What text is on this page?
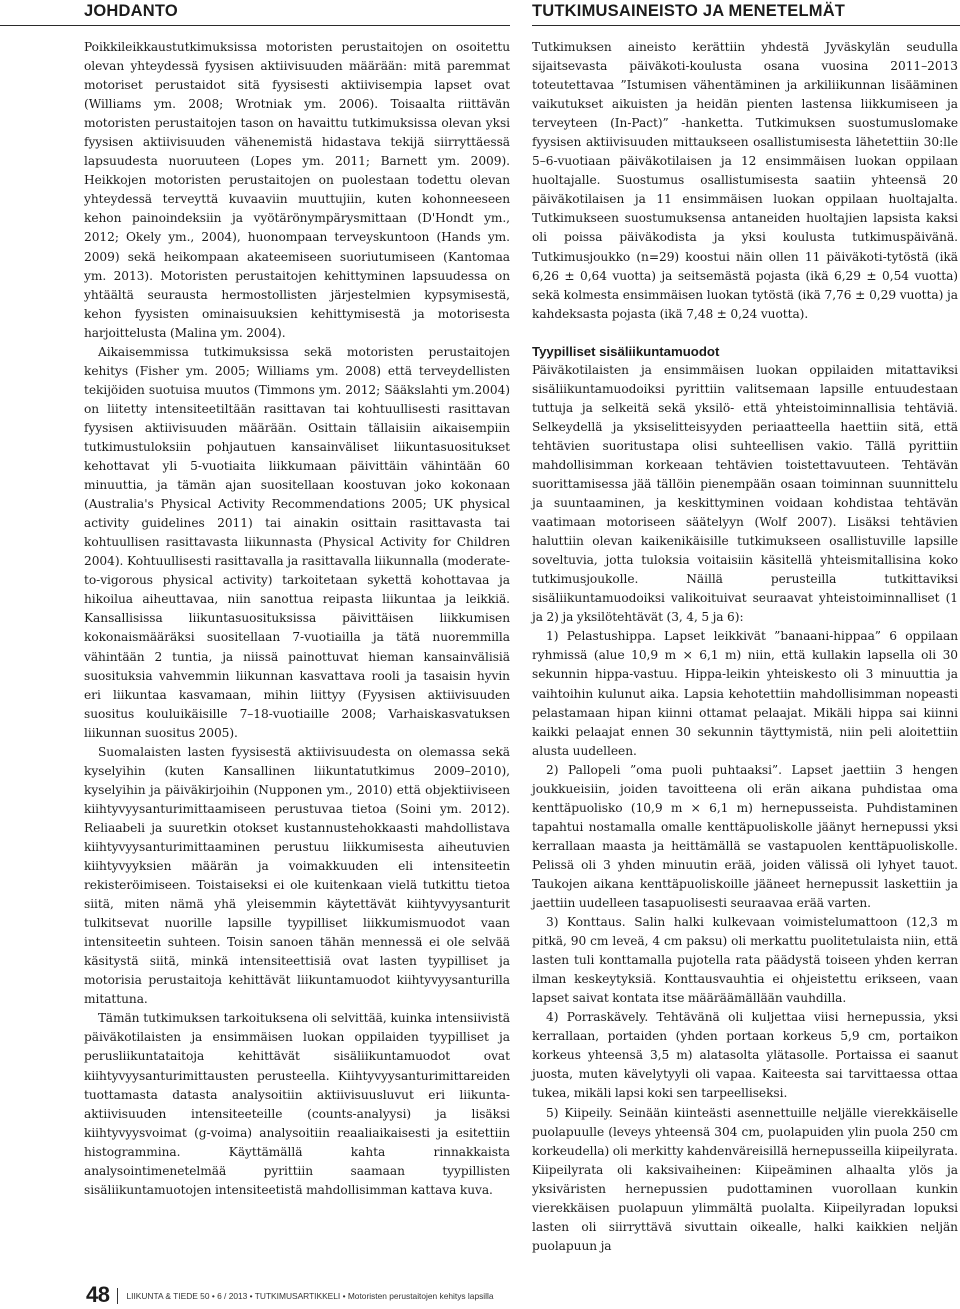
JOHDANTO

Poikkileikkaustutkimuksissa motoristen perustaitojen on osoitettu olevan yhteydessä fyysisen aktiivisuuden määrään: mitä paremmat motoriset perustaidot sitä fyysisesti aktiivisempia lapset ovat (Williams ym. 2008; Wrotniak ym. 2006). Toisaalta riittävän motoristen perustaitojen tason on havaittu tutkimuksissa olevan yksi fyysisen aktiivisuuden vähenemistä hidastava tekijä siirryttäessä lapsuudesta nuoruuteen (Lopes ym. 2011; Barnett ym. 2009). Heikkojen motoristen perustaitojen on puolestaan todettu olevan yhteydessä terveyttä kuvaaviin muuttujiin, kuten kohonneeseen kehon painoindeksiin ja vyötärönympärysmittaan (D'Hondt ym., 2012; Okely ym., 2004), huonompaan terveyskuntoon (Hands ym. 2009) sekä heikompaan akateemiseen suoriutumiseen (Kantomaa ym. 2013). Motoristen perustaitojen kehittyminen lapsuudessa on yhtäältä seurausta hermostollisten järjestelmien kypsymisestä, kehon fyysisten ominaisuuksien kehittymisestä ja motorisesta harjoittelusta (Malina ym. 2004).

Aikaisemmissa tutkimuksissa sekä motoristen perustaitojen kehitys (Fisher ym. 2005; Williams ym. 2008) että terveydellisten tekijöiden suotuisa muutos (Timmons ym. 2012; Sääkslahti ym.2004) on liitetty intensiteetiltään rasittavan tai kohtuullisesti rasittavan fyysisen aktiivisuuden määrään. Osittain tällaisiin aikaisempiin tutkimustuloksiin pohjautuen kansainväliset liikuntasuositukset kehottavat yli 5-vuotiaita liikkumaan päivittäin vähintään 60 minuuttia, ja tämän ajan suositellaan koostuvan joko kokonaan (Australia's Physical Activity Recommendations 2005; UK physical activity guidelines 2011) tai ainakin osittain rasittavasta tai kohtuullisen rasittavasta liikunnasta (Physical Activity for Children 2004). Kohtuullisesti rasittavalla ja rasittavalla liikunnalla (moderate-to-vigorous physical activity) tarkoitetaan sykettä kohottavaa ja hikoilua aiheuttavaa, niin sanottua reipasta liikuntaa ja leikkiä. Kansallisissa liikuntasuosituksissa päivittäisen liikkumisen kokonaismääräksi suositellaan 7-vuotiailla ja tätä nuoremmilla vähintään 2 tuntia, ja niissä painottuvat hieman kansainvälisiä suosituksia vahvemmin liikunnan kasvattava rooli ja tasaisin hyvin eri liikuntaa kasvamaan, mihin liittyy (Fyysisen aktiivisuuden suositus kouluikäisille 7–18-vuotiaille 2008; Varhaiskasvatuksen liikunnan suositus 2005).

Suomalaisten lasten fyysisestä aktiivisuudesta on olemassa sekä kyselyihin (kuten Kansallinen liikuntatutkimus 2009–2010), kyselyihin ja päiväkirjoihin (Nupponen ym., 2010) että objektiiviseen kiihtyvyysanturimittaamiseen perustuvaa tietoa (Soini ym. 2012). Reliaabeli ja suuretkin otokset kustannustehokkaasti mahdollistava kiihtyvyysanturimittaaminen perustuu liikkumisesta aiheutuvien kiihtyvyyksien määrän ja voimakkuuden eli intensiteetin rekisteröimiseen. Toistaiseksi ei ole kuitenkaan vielä tutkittu tietoa siitä, miten nämä yhä yleisemmin käytettävät kiihtyvyysanturit tulkitsevat nuorille lapsille tyypilliset liikkumismuodot vaan intensiteetin suhteen. Toisin sanoen tähän mennessä ei ole selvää käsitystä siitä, minkä intensiteettisiä ovat lasten tyypilliset ja motorisia perustaitoja kehittävät liikuntamuodot kiihtyvyysanturilla mitattuna.

Tämän tutkimuksen tarkoituksena oli selvittää, kuinka intensiivistä päiväkotilaisten ja ensimmäisen luokan oppilaiden tyypilliset ja perusliikuntataitoja kehittävät sisäliikuntamuodot ovat kiihtyvyysanturimittausten perusteella. Kiihtyvyysanturimittareiden tuottamasta datasta analysoitiin aktiivisuusluvut eri liikunta-aktiivisuuden intensiteeteille (counts-analyysi) ja lisäksi kiihtyvyysvoimat (g-voima) analysoitiin reaaliaikaisesti ja esitettiin histogrammina. Käyttämällä kahta rinnakkaista analysointimenetelmää pyrittiin saamaan tyypillisten sisäliikuntamuotojen intensiteetistä mahdollisimman kattava kuva.

TUTKIMUSAINEISTO JA MENETELMÄT

Tutkimuksen aineisto kerättiin yhdestä Jyväskylän seudulla sijaitsevasta päiväkoti-koulusta osana vuosina 2011–2013 toteutettavaa ”Istumisen vähentäminen ja arkiliikunnan lisääminen vaikutukset aikuisten ja heidän pienten lastensa liikkumiseen ja terveyteen (In-Pact)” -hanketta. Tutkimuksen suostumuslomake fyysisen aktiivisuuden mittaukseen osallistumisesta lähetettiin 30:lle 5–6-vuotiaan päiväkotilaisen ja 12 ensimmäisen luokan oppilaan huoltajalle. Suostumus osallistumisesta saatiin yhteensä 20 päiväkotilaisen ja 11 ensimmäisen luokan oppilaan huoltajalta. Tutkimukseen suostumuksensa antaneiden huoltajien lapsista kaksi oli poissa päiväkodista ja yksi koulusta tutkimuspäivänä. Tutkimusjoukko (n=29) koostui näin ollen 11 päiväkoti-tytöstä (ikä 6,26 ± 0,64 vuotta) ja seitsemästä pojasta (ikä 6,29 ± 0,54 vuotta) sekä kolmesta ensimmäisen luokan tytöstä (ikä 7,76 ± 0,29 vuotta) ja kahdeksasta pojasta (ikä 7,48 ± 0,24 vuotta).

Tyypilliset sisäliikuntamuodot

Päiväkotilaisten ja ensimmäisen luokan oppilaiden mitattaviksi sisäliikuntamuodoiksi pyrittiin valitsemaan lapsille entuudestaan tuttuja ja selkeitä sekä yksilö- että yhteistoiminnallisia tehtäviä. Selkeydellä ja yksiselitteisyyden periaatteella haettiin sitä, että tehtävien suoritustapa olisi suhteellisen vakio. Tällä pyrittiin mahdollisimman korkeaan tehtävien toistettavuuteen. Tehtävän suorittamisessa jää tällöin pienempään osaan toiminnan suunnittelu ja suuntaaminen, ja keskittyminen voidaan kohdistaa tehtävän vaatimaan motoriseen säätelyyn (Wolf 2007). Lisäksi tehtävien haluttiin olevan kaikenikäisille tutkimukseen osallistuville lapsille soveltuvia, jotta tuloksia voitaisiin käsitellä yhteismitallisina koko tutkimusjoukolle. Näillä perusteilla tutkittaviksi sisäliikuntamuodoiksi valikoituivat seuraavat yhteistoiminnalliset (1 ja 2) ja yksilötehtävät (3, 4, 5 ja 6):

1) Pelastushippa. Lapset leikkivät ”banaani-hippaa” 6 oppilaan ryhmissä (alue 10,9 m × 6,1 m) niin, että kullakin lapsella oli 30 sekunnin hippa-vastuu. Hippa-leikin yhteiskesto oli 3 minuuttia ja vaihtoihin kulunut aika. Lapsia kehotettiin mahdollisimman nopeasti pelastamaan hipan kiinni ottamat pelaajat. Mikäli hippa sai kiinni kaikki pelaajat ennen 30 sekunnin täyttymistä, niin peli aloitettiin alusta uudelleen.

2) Pallopeli ”oma puoli puhtaaksi”. Lapset jaettiin 3 hengen joukkueisiin, joiden tavoitteena oli erän aikana puhdistaa oma kenttäpuolisko (10,9 m × 6,1 m) hernepusseista. Puhdistaminen tapahtui nostamalla omalle kenttäpuoliskolle jäänyt hernepussi yksi kerrallaan maasta ja heittämällä se vastapuolen kenttäpuoliskolle. Pelissä oli 3 yhden minuutin erää, joiden välissä oli lyhyet tauot. Taukojen aikana kenttäpuoliskoille jääneet hernepussit laskettiin ja jaettiin uudelleen tasapuolisesti seuraavaa erää varten.

3) Konttaus. Salin halki kulkevaan voimistelumattoon (12,3 m pitkä, 90 cm leveä, 4 cm paksu) oli merkattu puolitetulaista niin, että lasten tuli konttamalla pujotella rata päädystä toiseen yhden kerran ilman keskeytyksiä. Konttausvauhtia ei ohjeistettu erikseen, vaan lapset saivat kontata itse määräämällään vauhdilla.

4) Porraskävely. Tehtävänä oli kuljettaa viisi hernepussia, yksi kerrallaan, portaiden (yhden portaan korkeus 5,9 cm, portaikon korkeus yhteensä 3,5 m) alatasolta ylätasolle. Portaissa ei saanut juosta, muten kävelytyyli oli vapaa. Kaiteesta sai tarvittaessa ottaa tukea, mikäli lapsi koki sen tarpeelliseksi.

5) Kiipeily. Seinään kiinteästi asennettuille neljälle vierekkäiselle puolapuulle (leveys yhteensä 304 cm, puolapuiden ylin puola 250 cm korkeudella) oli merkitty kahdenväreisillä hernepusseilla kiipeilyrata. Kiipeilyrata oli kaksivaiheinen: Kiipeäminen alhaalta ylös ja yksiväristen hernepussien pudottaminen vuorollaan kunkin vierekkäisen puolapuun ylimmältä puolalta. Kiipeilyradan lopuksi lasten oli siirryttävä sivuttain oikealle, halki kaikkien neljän puolapuun ja

48 LIIKUNTA & TIEDE 50 • 6 / 2013 • TUTKIMUSARTIKKELI • Motoristen perustaitojen kehitys lapsilla
